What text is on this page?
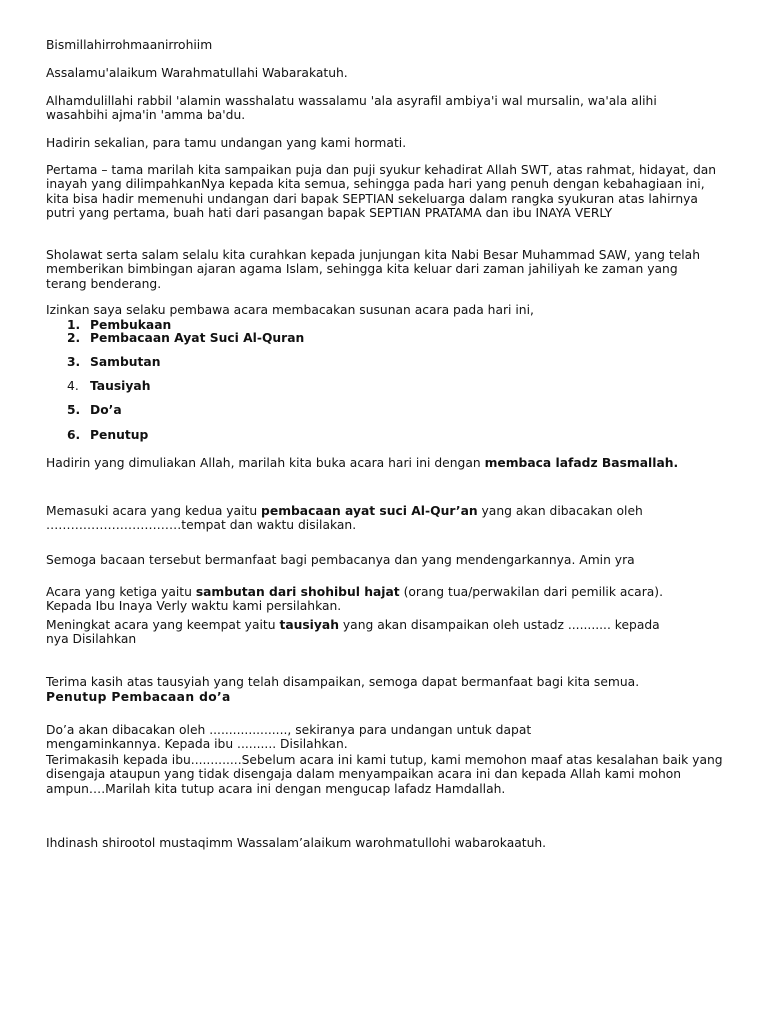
Bismillahirrohmaanirrohiim

Assalamu'alaikum Warahmatullahi Wabarakatuh.

Alhamdulillahi rabbil 'alamin wasshalatu wassalamu 'ala asyrafil ambiya'i wal mursalin, wa'ala alihi wasahbihi ajma'in 'amma ba'du.

Hadirin sekalian, para tamu undangan yang kami hormati.

Pertama – tama marilah kita sampaikan puja dan puji syukur kehadirat Allah SWT, atas rahmat, hidayat, dan inayah yang dilimpahkanNya kepada kita semua, sehingga pada hari yang penuh dengan kebahagiaan ini, kita bisa hadir memenuhi undangan dari bapak SEPTIAN sekeluarga dalam rangka syukuran atas lahirnya putri yang pertama, buah hati dari pasangan bapak SEPTIAN PRATAMA dan ibu INAYA VERLY

Sholawat serta salam selalu kita curahkan kepada junjungan kita Nabi Besar Muhammad SAW, yang telah memberikan bimbingan ajaran agama Islam, sehingga kita keluar dari zaman jahiliyah ke zaman yang terang benderang.

Izinkan saya selaku pembawa acara membacakan susunan acara pada hari ini,

1. Pembukaan
2. Pembacaan Ayat Suci Al-Quran
3. Sambutan
4. Tausiyah
5. Do’a
6. Penutup

Hadirin yang dimuliakan Allah, marilah kita buka acara hari ini dengan membaca lafadz Basmallah.

Memasuki acara yang kedua yaitu pembacaan ayat suci Al-Qur’an yang akan dibacakan oleh ……………………………tempat dan waktu disilakan.

Semoga bacaan tersebut bermanfaat bagi pembacanya dan yang mendengarkannya. Amin yra

Acara yang ketiga yaitu sambutan dari shohibul hajat (orang tua/perwakilan dari pemilik acara). Kepada Ibu Inaya Verly waktu kami persilahkan.

Meningkat acara yang keempat yaitu tausiyah yang akan disampaikan oleh ustadz ........... kepada nya Disilahkan

Terima kasih atas tausyiah yang telah disampaikan, semoga dapat bermanfaat bagi kita semua.

Penutup Pembacaan do’a

Do’a akan dibacakan oleh ...................., sekiranya para undangan untuk dapat mengaminkannya. Kepada ibu .......... Disilahkan.

Terimakasih kepada ibu.............Sebelum acara ini kami tutup, kami memohon maaf atas kesalahan baik yang disengaja ataupun yang tidak disengaja dalam menyampaikan acara ini dan kepada Allah kami mohon ampun….Marilah kita tutup acara ini dengan mengucap lafadz Hamdallah.

Ihdinash shirootol mustaqimm Wassalam’alaikum warohmatullohi wabarokaatuh.
